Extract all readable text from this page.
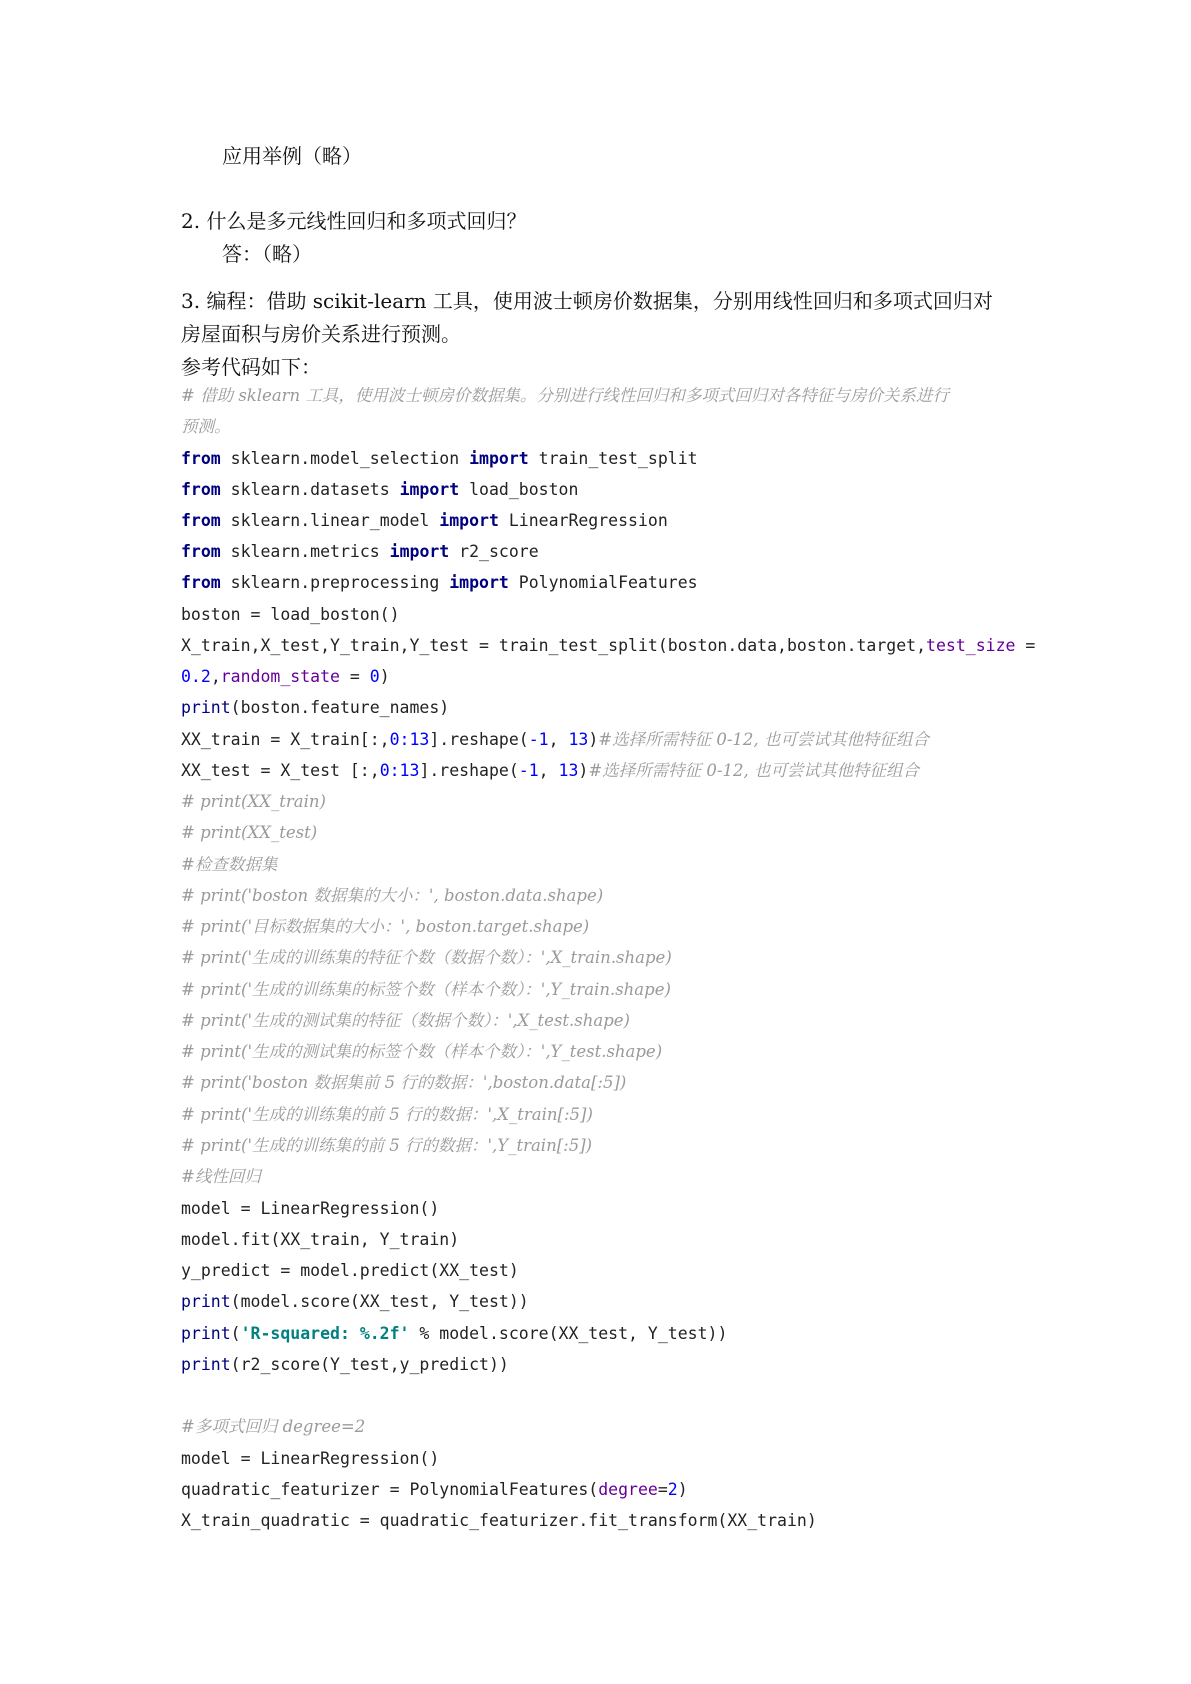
应用举例（略）
2. 什么是多元线性回归和多项式回归？
答：（略）
3. 编程：借助 scikit-learn 工具，使用波士顿房价数据集，分别用线性回归和多项式回归对
房屋面积与房价关系进行预测。
参考代码如下：
# 借助 sklearn 工具，使用波士顿房价数据集。分别进行线性回归和多项式回归对各特征与房价关系进行
预测。
from sklearn.model_selection import train_test_split
from sklearn.datasets import load_boston
from sklearn.linear_model import LinearRegression
from sklearn.metrics import r2_score
from sklearn.preprocessing import PolynomialFeatures
boston = load_boston()
X_train,X_test,Y_train,Y_test = train_test_split(boston.data,boston.target,test_size =
0.2,random_state = 0)
print(boston.feature_names)
XX_train = X_train[:,0:13].reshape(-1, 13)#选择所需特征 0-12, 也可尝试其他特征组合
XX_test = X_test [:,0:13].reshape(-1, 13)#选择所需特征 0-12, 也可尝试其他特征组合
# print(XX_train)
# print(XX_test)
#检查数据集
# print('boston 数据集的大小：', boston.data.shape)
# print('目标数据集的大小：', boston.target.shape)
# print('生成的训练集的特征个数（数据个数）：',X_train.shape)
# print('生成的训练集的标签个数（样本个数）：',Y_train.shape)
# print('生成的测试集的特征（数据个数）：',X_test.shape)
# print('生成的测试集的标签个数（样本个数）：',Y_test.shape)
# print('boston 数据集前 5 行的数据：',boston.data[:5])
# print('生成的训练集的前 5 行的数据：',X_train[:5])
# print('生成的训练集的前 5 行的数据：',Y_train[:5])
#线性回归
model = LinearRegression()
model.fit(XX_train, Y_train)
y_predict = model.predict(XX_test)
print(model.score(XX_test, Y_test))
print('R-squared: %.2f' % model.score(XX_test, Y_test))
print(r2_score(Y_test,y_predict))
#多项式回归 degree=2
model = LinearRegression()
quadratic_featurizer = PolynomialFeatures(degree=2)
X_train_quadratic = quadratic_featurizer.fit_transform(XX_train)
